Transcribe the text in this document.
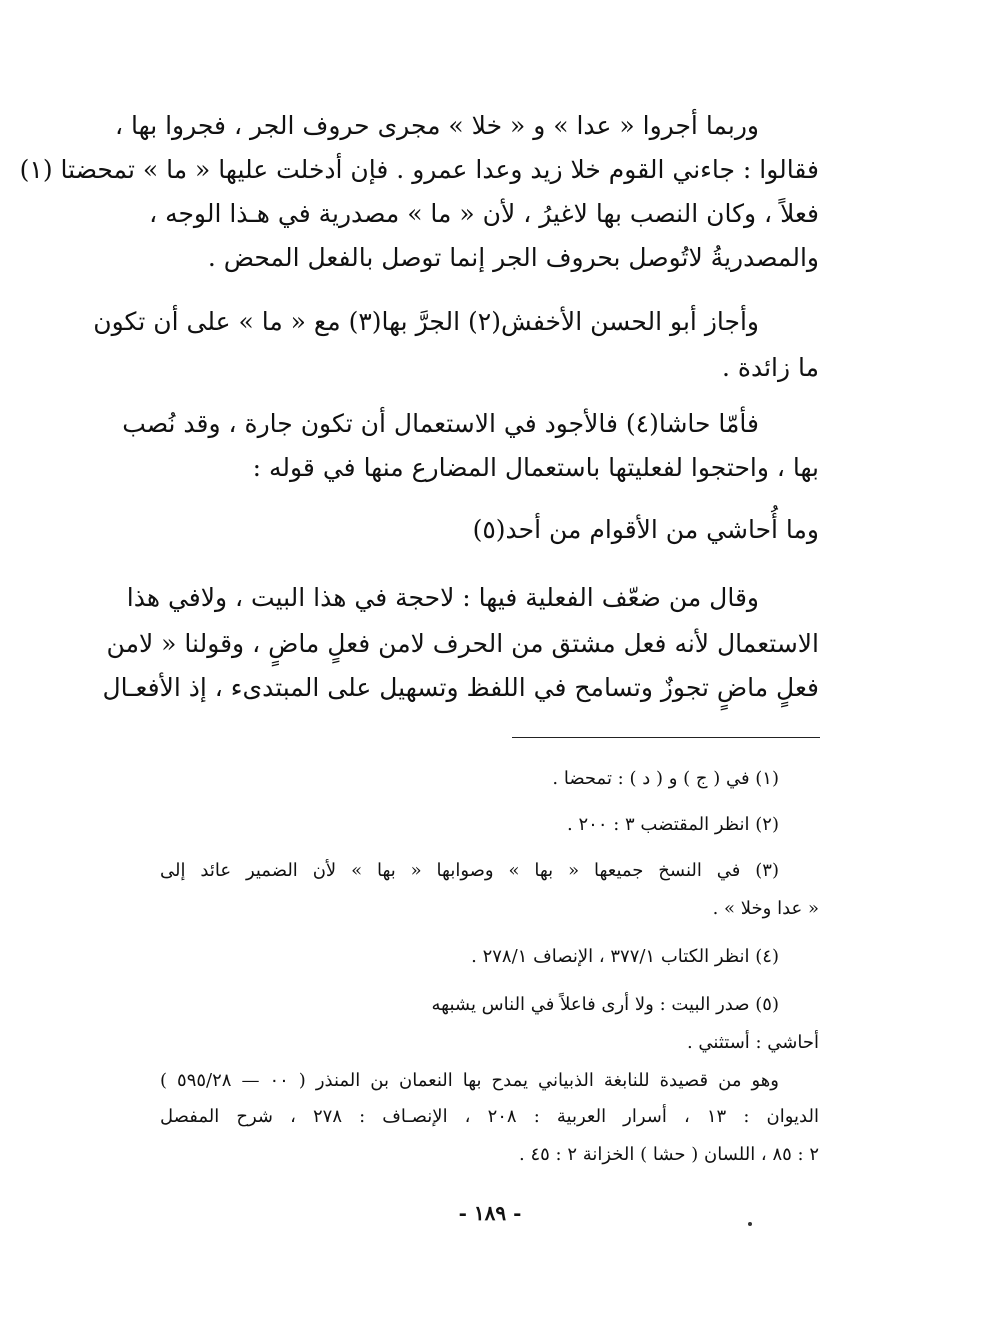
وربما أجروا « عدا » و « خلا » مجرى حروف الجر ، فجروا بها ،
فقالوا : جاءني القوم خلا زيد وعدا عمرو . فإن أدخلت عليها « ما » تمحضتا (١)
فعلاً ، وكان النصب بها لاغيرُ ، لأن « ما » مصدرية في هـذا الوجه ،
والمصدريةُ لاتُوصل بحروف الجر إنما توصل بالفعل المحض .
وأجاز أبو الحسن الأخفش(٢) الجرَّ بها(٣) مع « ما » على أن تكون
ما زائدة .
فأمّا حاشا(٤) فالأجود في الاستعمال أن تكون جارة ، وقد نُصب
بها ، واحتجوا لفعليتها باستعمال المضارع منها في قوله :
وما أُحاشي من الأقوام من أحد(٥)
وقال من ضعّف الفعلية فيها : لاحجة في هذا البيت ، ولافي هذا
الاستعمال لأنه فعل مشتق من الحرف لامن فعلٍ ماضٍ ، وقولنا « لامن
فعلٍ ماضٍ تجوزٌ وتسامح في اللفظ وتسهيل على المبتدىء ، إذ الأفعـال
(١) في ( ج ) و ( د ) : تمحضا .
(٢) انظر المقتضب ٣ : ٢٠٠ .
(٣) في النسخ جميعها « بها » وصوابها « بها » لأن الضمير عائد إلى
« عدا وخلا » .
(٤) انظر الكتاب ٣٧٧/١ ، الإنصاف ٢٧٨/١ .
(٥) صدر البيت : ولا أرى فاعلاً في الناس يشبهه
أحاشي : أستثني .
وهو من قصيدة للنابغة الذبياني يمدح بها النعمان بن المنذر ( ٠٠ — ٥٩٥/٢٨ )
الديوان : ١٣ ، أسرار العربية : ٢٠٨ ، الإنصـاف : ٢٧٨ ، شرح المفصل
٢ : ٨٥ ، اللسان ( حشا ) الخزانة ٢ : ٤٥ .
- ١٨٩ -
